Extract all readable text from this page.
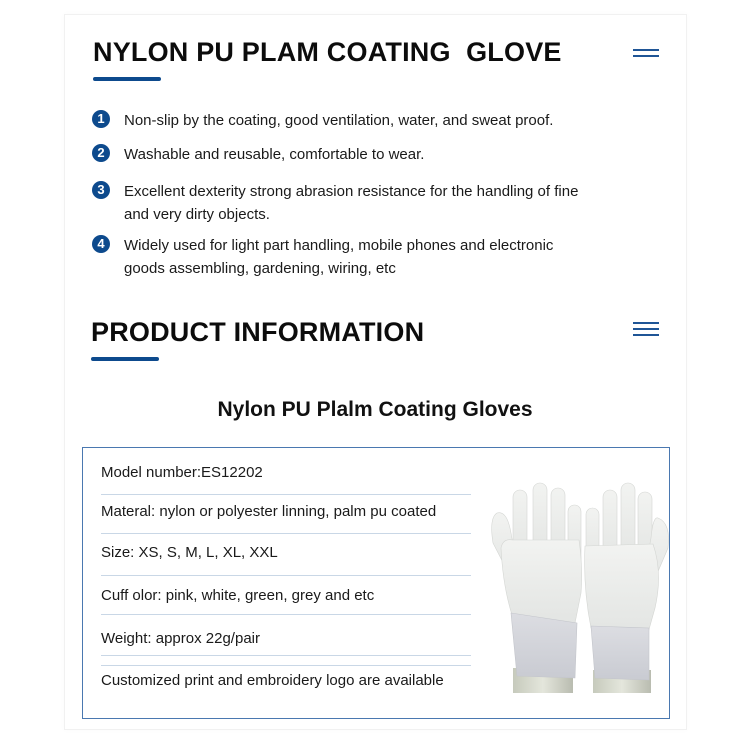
NYLON PU PLAM COATING  GLOVE
1	Non-slip by the coating, good ventilation, water, and sweat proof.
2	Washable and reusable, comfortable to wear.
3	Excellent dexterity strong abrasion resistance for the handling of fine and very dirty objects.
4	Widely used for light part handling, mobile phones and electronic goods assembling, gardening, wiring, etc
PRODUCT INFORMATION
Nylon PU Plalm Coating Gloves
Model number:ES12202
Materal: nylon or polyester linning, palm pu coated
Size: XS, S, M, L, XL, XXL
Cuff olor: pink, white, green, grey and etc
Weight: approx 22g/pair
Customized print and embroidery logo are available
